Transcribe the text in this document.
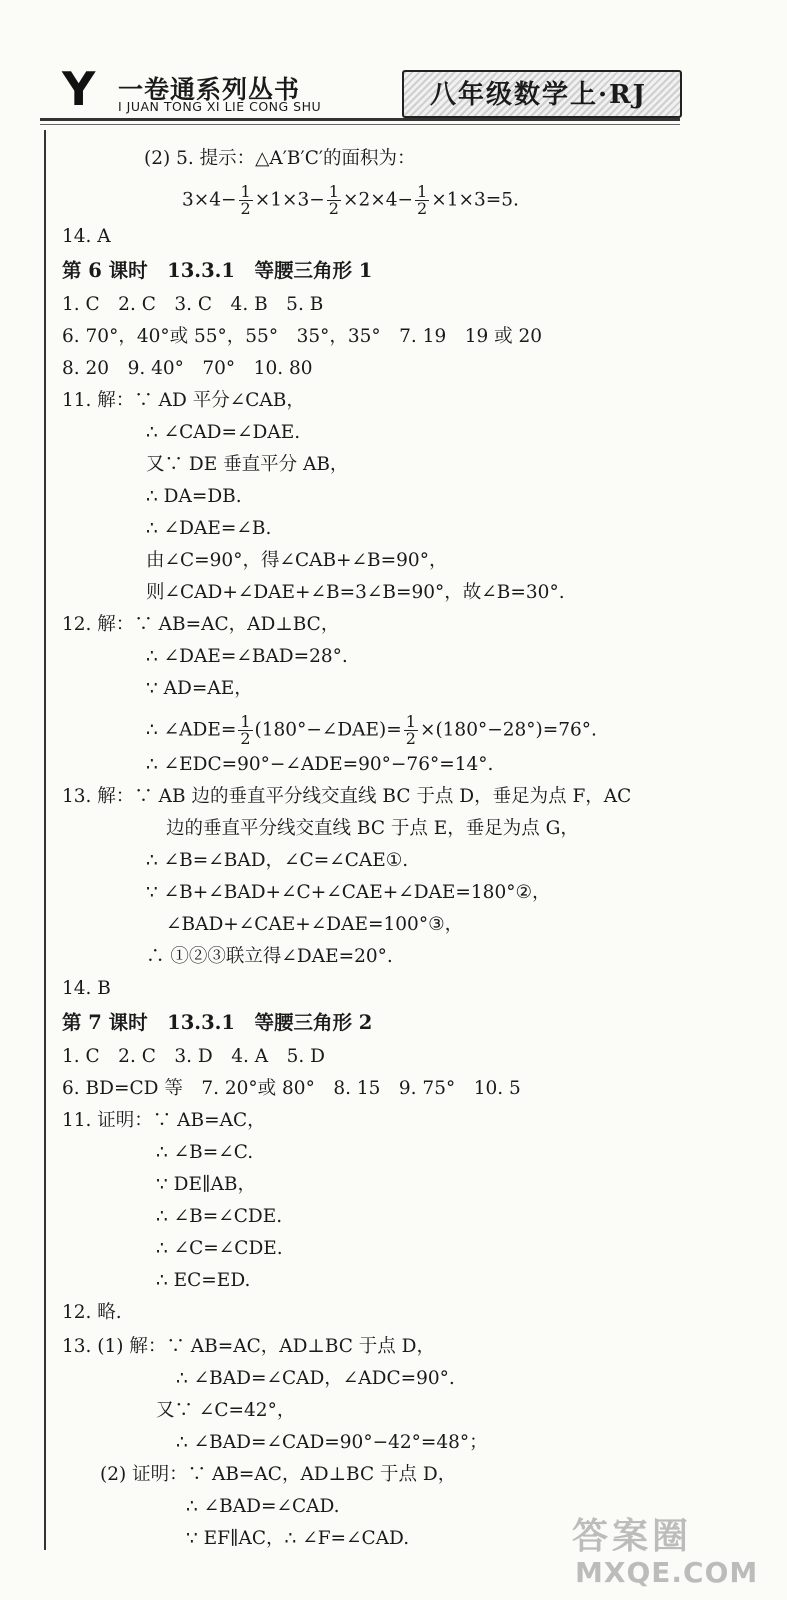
Y 一卷通系列丛书
I JUAN TONG XI LIE CONG SHU	八年级数学上·RJ
(2) 5. 提示：△A′B′C′的面积为：
$3\times 4- \frac{1}{2} \times 1\times 3- \frac{1}{2} \times 2\times 4- \frac{1}{2} \times 1\times 3=5$.
14. A
第 6 课时　13.3.1　等腰三角形 1
1. C　2. C　3. C　4. B　5. B
6. 70°，40°或 55°，55°　35°，35°　7. 19　19 或 20
8. 20　9. 40°　70°　10. 80
11. 解：∵ AD 平分∠CAB，
∴ ∠CAD=∠DAE.
又∵ DE 垂直平分 AB，
∴ DA=DB.
∴ ∠DAE=∠B.
由∠C=90°，得∠CAB+∠B=90°，
则∠CAD+∠DAE+∠B=3∠B=90°，故∠B=30°.
12. 解：∵ AB=AC，AD⊥BC，
∴ ∠DAE=∠BAD=28°.
∵ AD=AE，
∴ ∠ADE= $\frac{1}{2}$ (180°−∠DAE)= $\frac{1}{2} \times(180^\circ-28^\circ)=76^\circ$.
∴ ∠EDC=90°−∠ADE=90°−76°=14°.
13. 解：∵ AB 边的垂直平分线交直线 BC 于点 D，垂足为点 F，AC
边的垂直平分线交直线 BC 于点 E，垂足为点 G，
∴ ∠B=∠BAD，∠C=∠CAE①.
∵ ∠B+∠BAD+∠C+∠CAE+∠DAE=180°②，
∠BAD+∠CAE+∠DAE=100°③，
∴ ①②③联立得∠DAE=20°.
14. B
第 7 课时　13.3.1　等腰三角形 2
1. C　2. C　3. D　4. A　5. D
6. BD=CD 等　7. 20°或 80°　8. 15　9. 75°　10. 5
11. 证明：∵ AB=AC，
∴ ∠B=∠C.
∵ DE∥AB，
∴ ∠B=∠CDE.
∴ ∠C=∠CDE.
∴ EC=ED.
12. 略.
13. (1) 解：∵ AB=AC，AD⊥BC 于点 D，
∴ ∠BAD=∠CAD，∠ADC=90°.
又∵ ∠C=42°，
∴ ∠BAD=∠CAD=90°−42°=48°；
(2) 证明：∵ AB=AC，AD⊥BC 于点 D，
∴ ∠BAD=∠CAD.
∵ EF∥AC，∴ ∠F=∠CAD.	答案圈
MXQE.COM
